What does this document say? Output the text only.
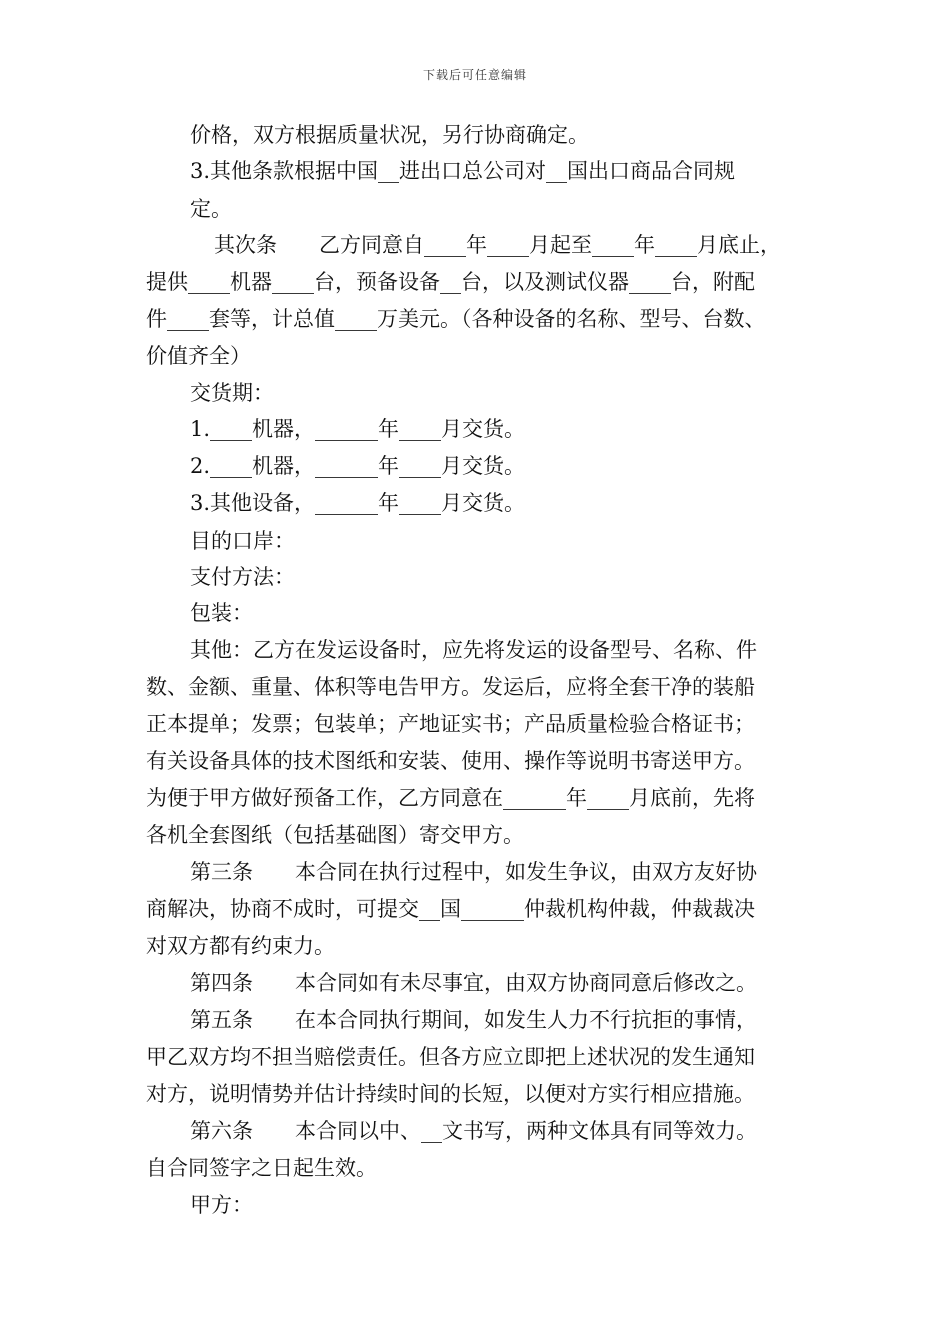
下载后可任意编辑
价格，双方根据质量状况，另行协商确定。
3.其他条款根据中国__进出口总公司对__国出口商品合同规
定。
其次条　　乙方同意自____年____月起至____年____月底止，
提供____机器____台，预备设备__台，以及测试仪器____台，附配
件____套等，计总值____万美元。（各种设备的名称、型号、台数、
价值齐全）
交货期：
1.____机器，______年____月交货。
2.____机器，______年____月交货。
3.其他设备，______年____月交货。
目的口岸：
支付方法：
包装：
其他：乙方在发运设备时，应先将发运的设备型号、名称、件
数、金额、重量、体积等电告甲方。发运后，应将全套干净的装船
正本提单；发票；包装单；产地证实书；产品质量检验合格证书；
有关设备具体的技术图纸和安装、使用、操作等说明书寄送甲方。
为便于甲方做好预备工作，乙方同意在______年____月底前，先将
各机全套图纸（包括基础图）寄交甲方。
第三条　　本合同在执行过程中，如发生争议，由双方友好协
商解决，协商不成时，可提交__国______仲裁机构仲裁，仲裁裁决
对双方都有约束力。
第四条　　本合同如有未尽事宜，由双方协商同意后修改之。
第五条　　在本合同执行期间，如发生人力不行抗拒的事情，
甲乙双方均不担当赔偿责任。但各方应立即把上述状况的发生通知
对方，说明情势并估计持续时间的长短，以便对方实行相应措施。
第六条　　本合同以中、__文书写，两种文体具有同等效力。
自合同签字之日起生效。
甲方：
